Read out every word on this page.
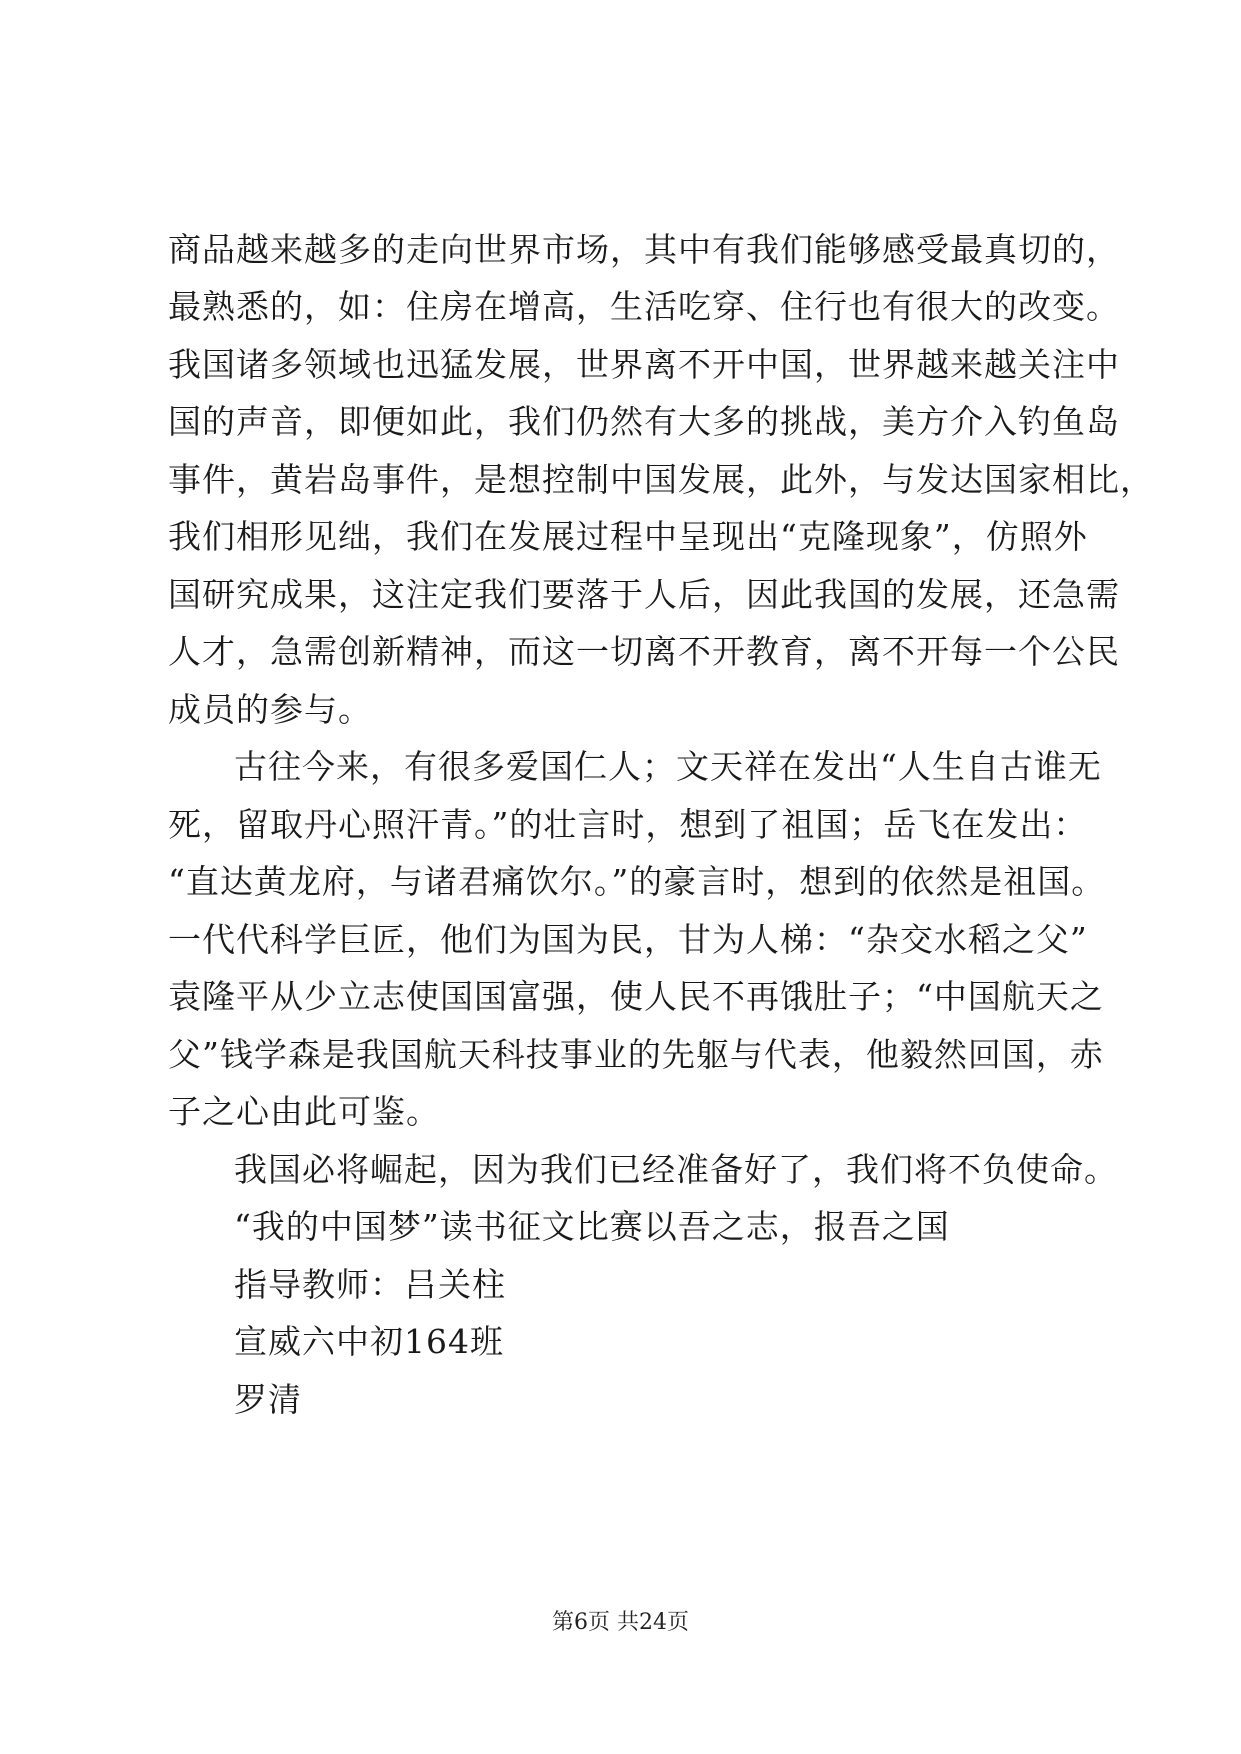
商品越来越多的走向世界市场，其中有我们能够感受最真切的，
最熟悉的，如：住房在增高，生活吃穿、住行也有很大的改变。
我国诸多领域也迅猛发展，世界离不开中国，世界越来越关注中
国的声音，即便如此，我们仍然有大多的挑战，美方介入钓鱼岛
事件，黄岩岛事件，是想控制中国发展，此外，与发达国家相比，
我们相形见绌，我们在发展过程中呈现出“克隆现象”，仿照外
国研究成果，这注定我们要落于人后，因此我国的发展，还急需
人才，急需创新精神，而这一切离不开教育，离不开每一个公民
成员的参与。
古往今来，有很多爱国仁人；文天祥在发出“人生自古谁无
死，留取丹心照汗青。”的壮言时，想到了祖国；岳飞在发出：
“直达黄龙府，与诸君痛饮尔。”的豪言时，想到的依然是祖国。
一代代科学巨匠，他们为国为民，甘为人梯：“杂交水稻之父”
袁隆平从少立志使国国富强，使人民不再饿肚子；“中国航天之
父”钱学森是我国航天科技事业的先躯与代表，他毅然回国，赤
子之心由此可鉴。
我国必将崛起，因为我们已经准备好了，我们将不负使命。
“我的中国梦”读书征文比赛以吾之志，报吾之国
指导教师：吕关柱
宣威六中初164班
罗清
第6页 共24页
